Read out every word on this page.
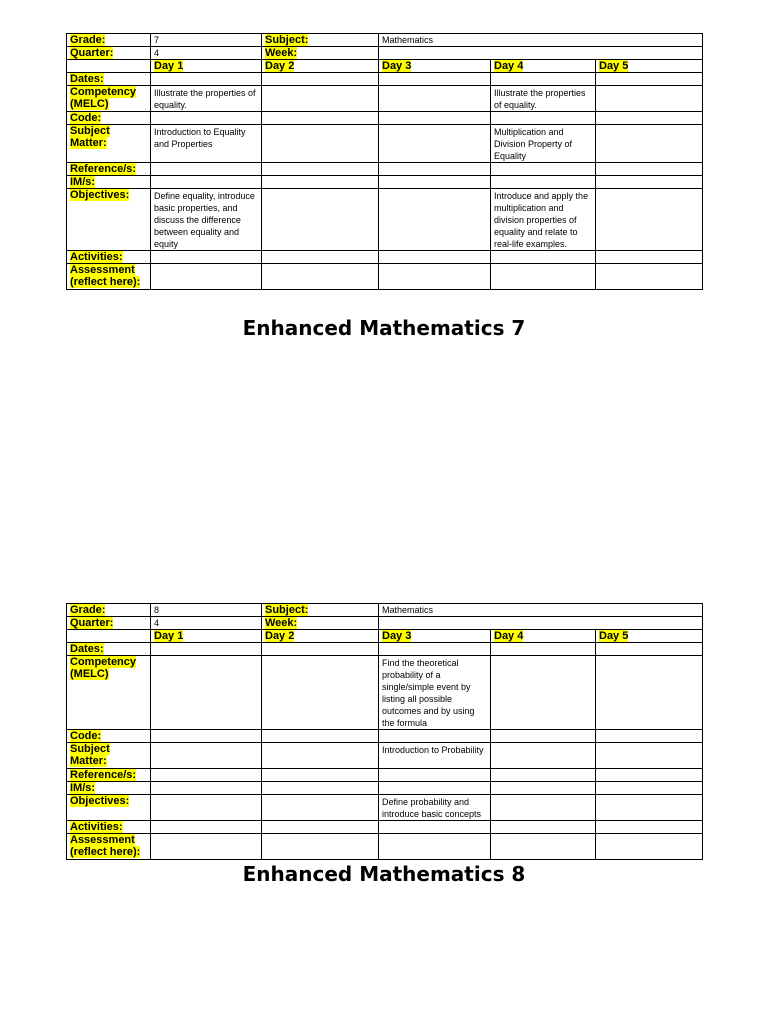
Grade:	7	Subject:	Mathematics		
Quarter:	4	Week:			
	Day 1	Day 2	Day 3	Day 4	Day 5
Dates:					
Competency (MELC)	Illustrate the properties of equality.			Illustrate the properties of equality.	

Code:					
Subject Matter:	Introduction to Equality and Properties			Multiplication and Division Property of Equality	

Reference/s:					
IM/s:					
Objectives:	Define equality, introduce basic properties, and discuss the difference between equality and equity			Introduce and apply the multiplication and division properties of equality and relate to real-life examples.	

Activities:					
Assessment (reflect here):					
Enhanced Mathematics 7
Grade:	8	Subject:	Mathematics		
Quarter:	4	Week:			
	Day 1	Day 2	Day 3	Day 4	Day 5
Dates:					
Competency (MELC)			Find the theoretical probability of a single/simple event by listing all possible outcomes and by using the formula		

Code:					
Subject Matter:			Introduction to Probability		

Reference/s:					
IM/s:					
Objectives:			Define probability and introduce basic concepts		

Activities:					
Assessment (reflect here):					
Enhanced Mathematics 8
